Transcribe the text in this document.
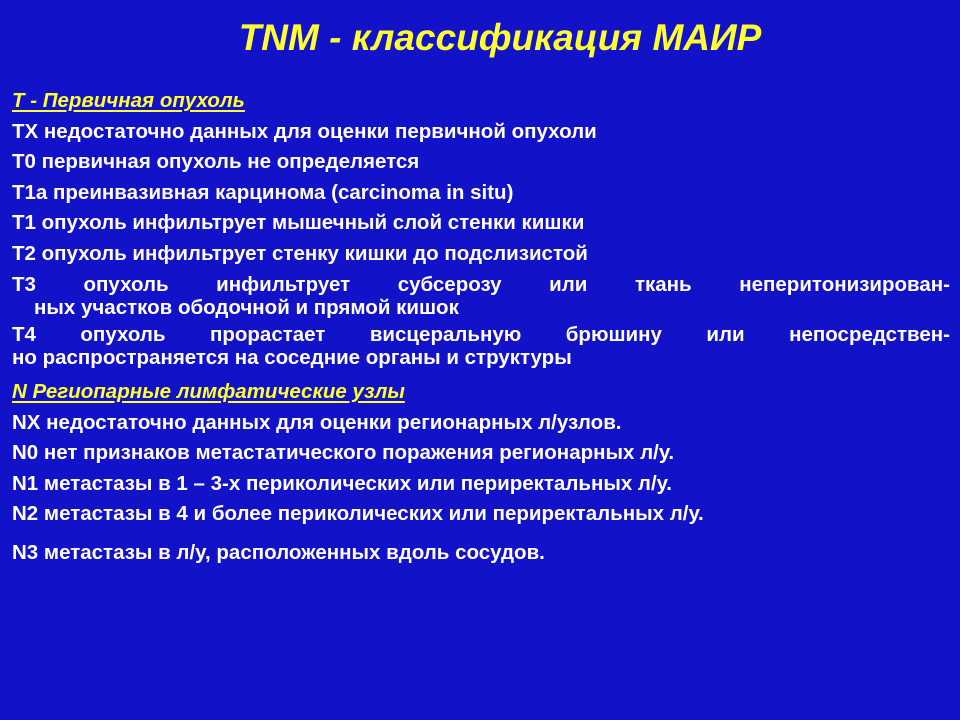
TNM - классификация МАИР
T - Первичная опухоль
TX недостаточно данных для оценки первичной опухоли
T0 первичная опухоль не определяется
T1a преинвазивная карцинома (carcinoma in situ)
T1 опухоль инфильтрует мышечный слой стенки кишки
T2 опухоль инфильтрует стенку кишки до подслизистой
T3 опухоль инфильтрует субсерозу или ткань неперитонизирован-
ных участков ободочной и прямой кишок
T4 опухоль прорастает висцеральную брюшину или непосредствен-
но распространяется на соседние органы и структуры
N Региопарные лимфатические узлы
NX недостаточно данных для оценки регионарных л/узлов.
N0 нет признаков метастатического поражения регионарных л/у.
N1 метастазы в 1 – 3-х периколических или периректальных л/у.
N2 метастазы в 4 и более периколических или периректальных л/у.
N3 метастазы в л/у, расположенных вдоль сосудов.
